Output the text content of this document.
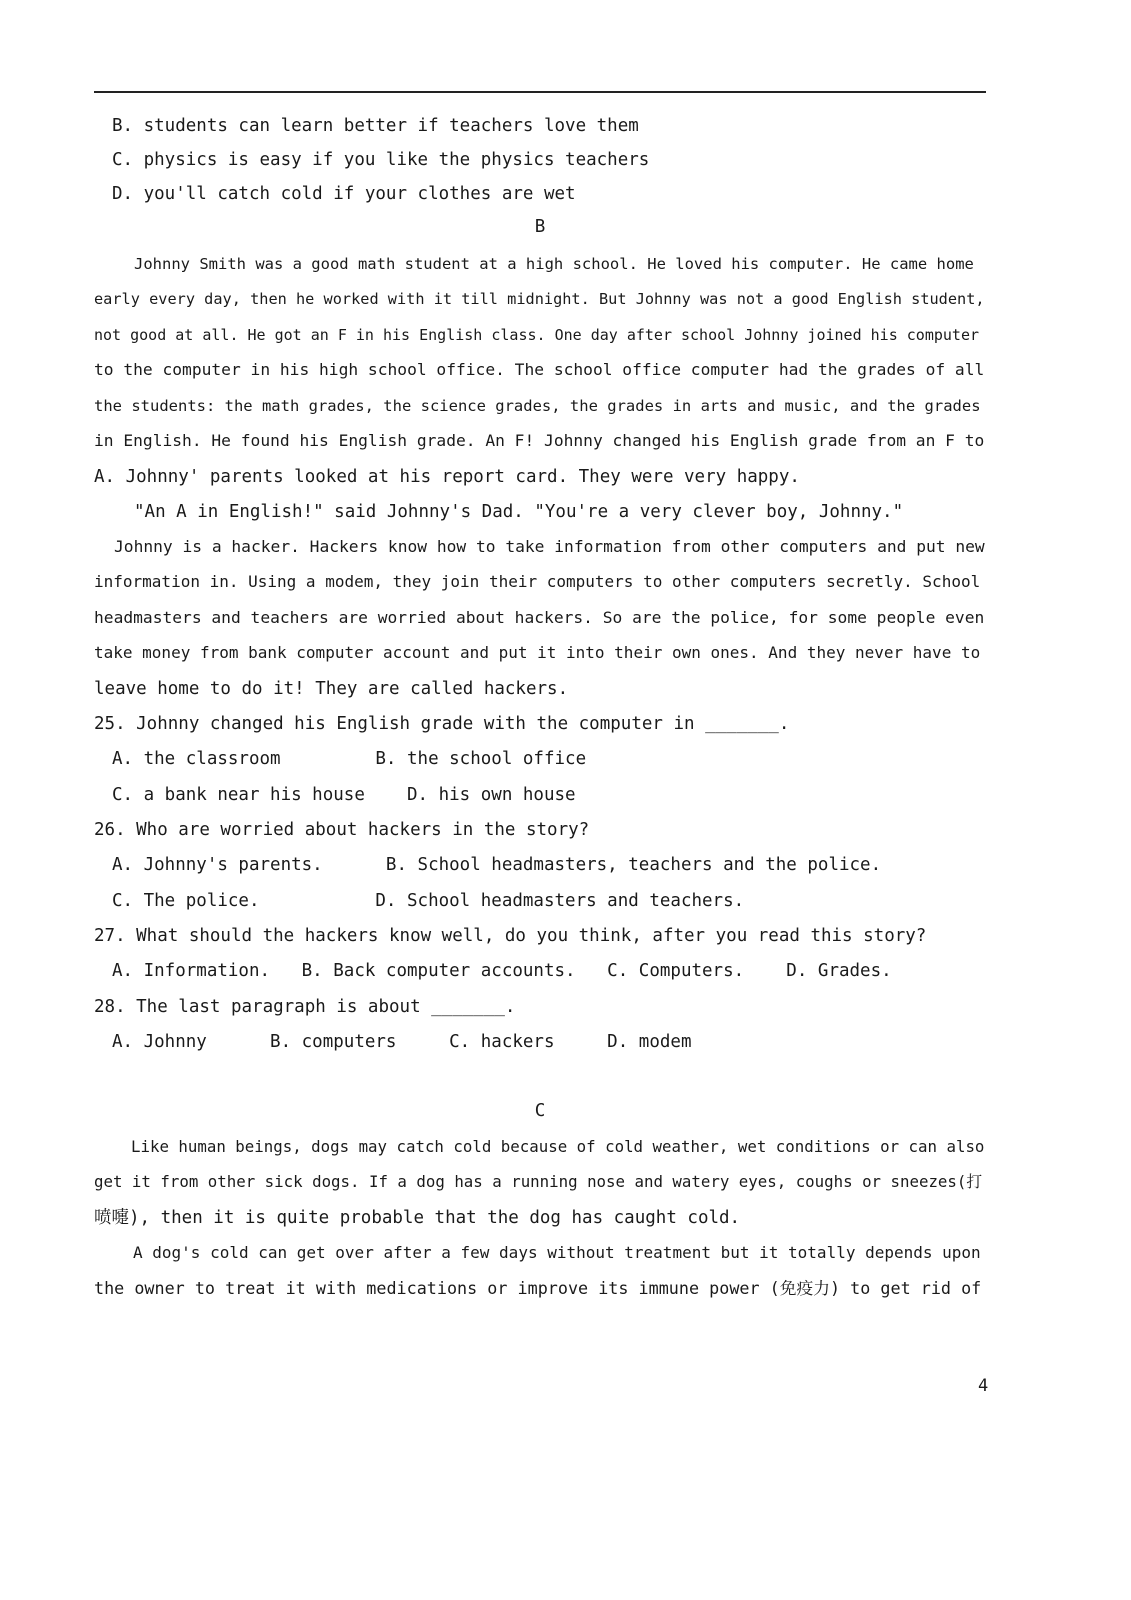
B. students can learn better if teachers love them
C. physics is easy if you like the physics teachers
D. you'll catch cold if your clothes are wet
B
Johnny Smith was a good math student at a high school. He loved his computer. He came home
early every day, then he worked with it till midnight. But Johnny was not a good English student,
not good at all. He got an F in his English class. One day after school Johnny joined his computer
to the computer in his high school office. The school office computer had the grades of all
the students: the math grades, the science grades, the grades in arts and music, and the grades
in English. He found his English grade. An F! Johnny changed his English grade from an F to
A. Johnny' parents looked at his report card. They were very happy.
"An A in English!" said Johnny's Dad. "You're a very clever boy, Johnny."
Johnny is a hacker. Hackers know how to take information from other computers and put new
information in. Using a modem, they join their computers to other computers secretly. School
headmasters and teachers are worried about hackers. So are the police, for some people even
take money from bank computer account and put it into their own ones. And they never have to
leave home to do it! They are called hackers.
25. Johnny changed his English grade with the computer in _______.
A. the classroom         B. the school office
C. a bank near his house    D. his own house
26. Who are worried about hackers in the story?
A. Johnny's parents.      B. School headmasters, teachers and the police.
C. The police.           D. School headmasters and teachers.
27. What should the hackers know well, do you think, after you read this story?
A. Information.   B. Back computer accounts.   C. Computers.    D. Grades.
28. The last paragraph is about _______.
A. Johnny      B. computers     C. hackers     D. modem
C
Like human beings, dogs may catch cold because of cold weather, wet conditions or can also
get it from other sick dogs. If a dog has a running nose and watery eyes, coughs or sneezes(打
喷嚏), then it is quite probable that the dog has caught cold.
A dog's cold can get over after a few days without treatment but it totally depends upon
the owner to treat it with medications or improve its immune power (免疫力) to get rid of
4
